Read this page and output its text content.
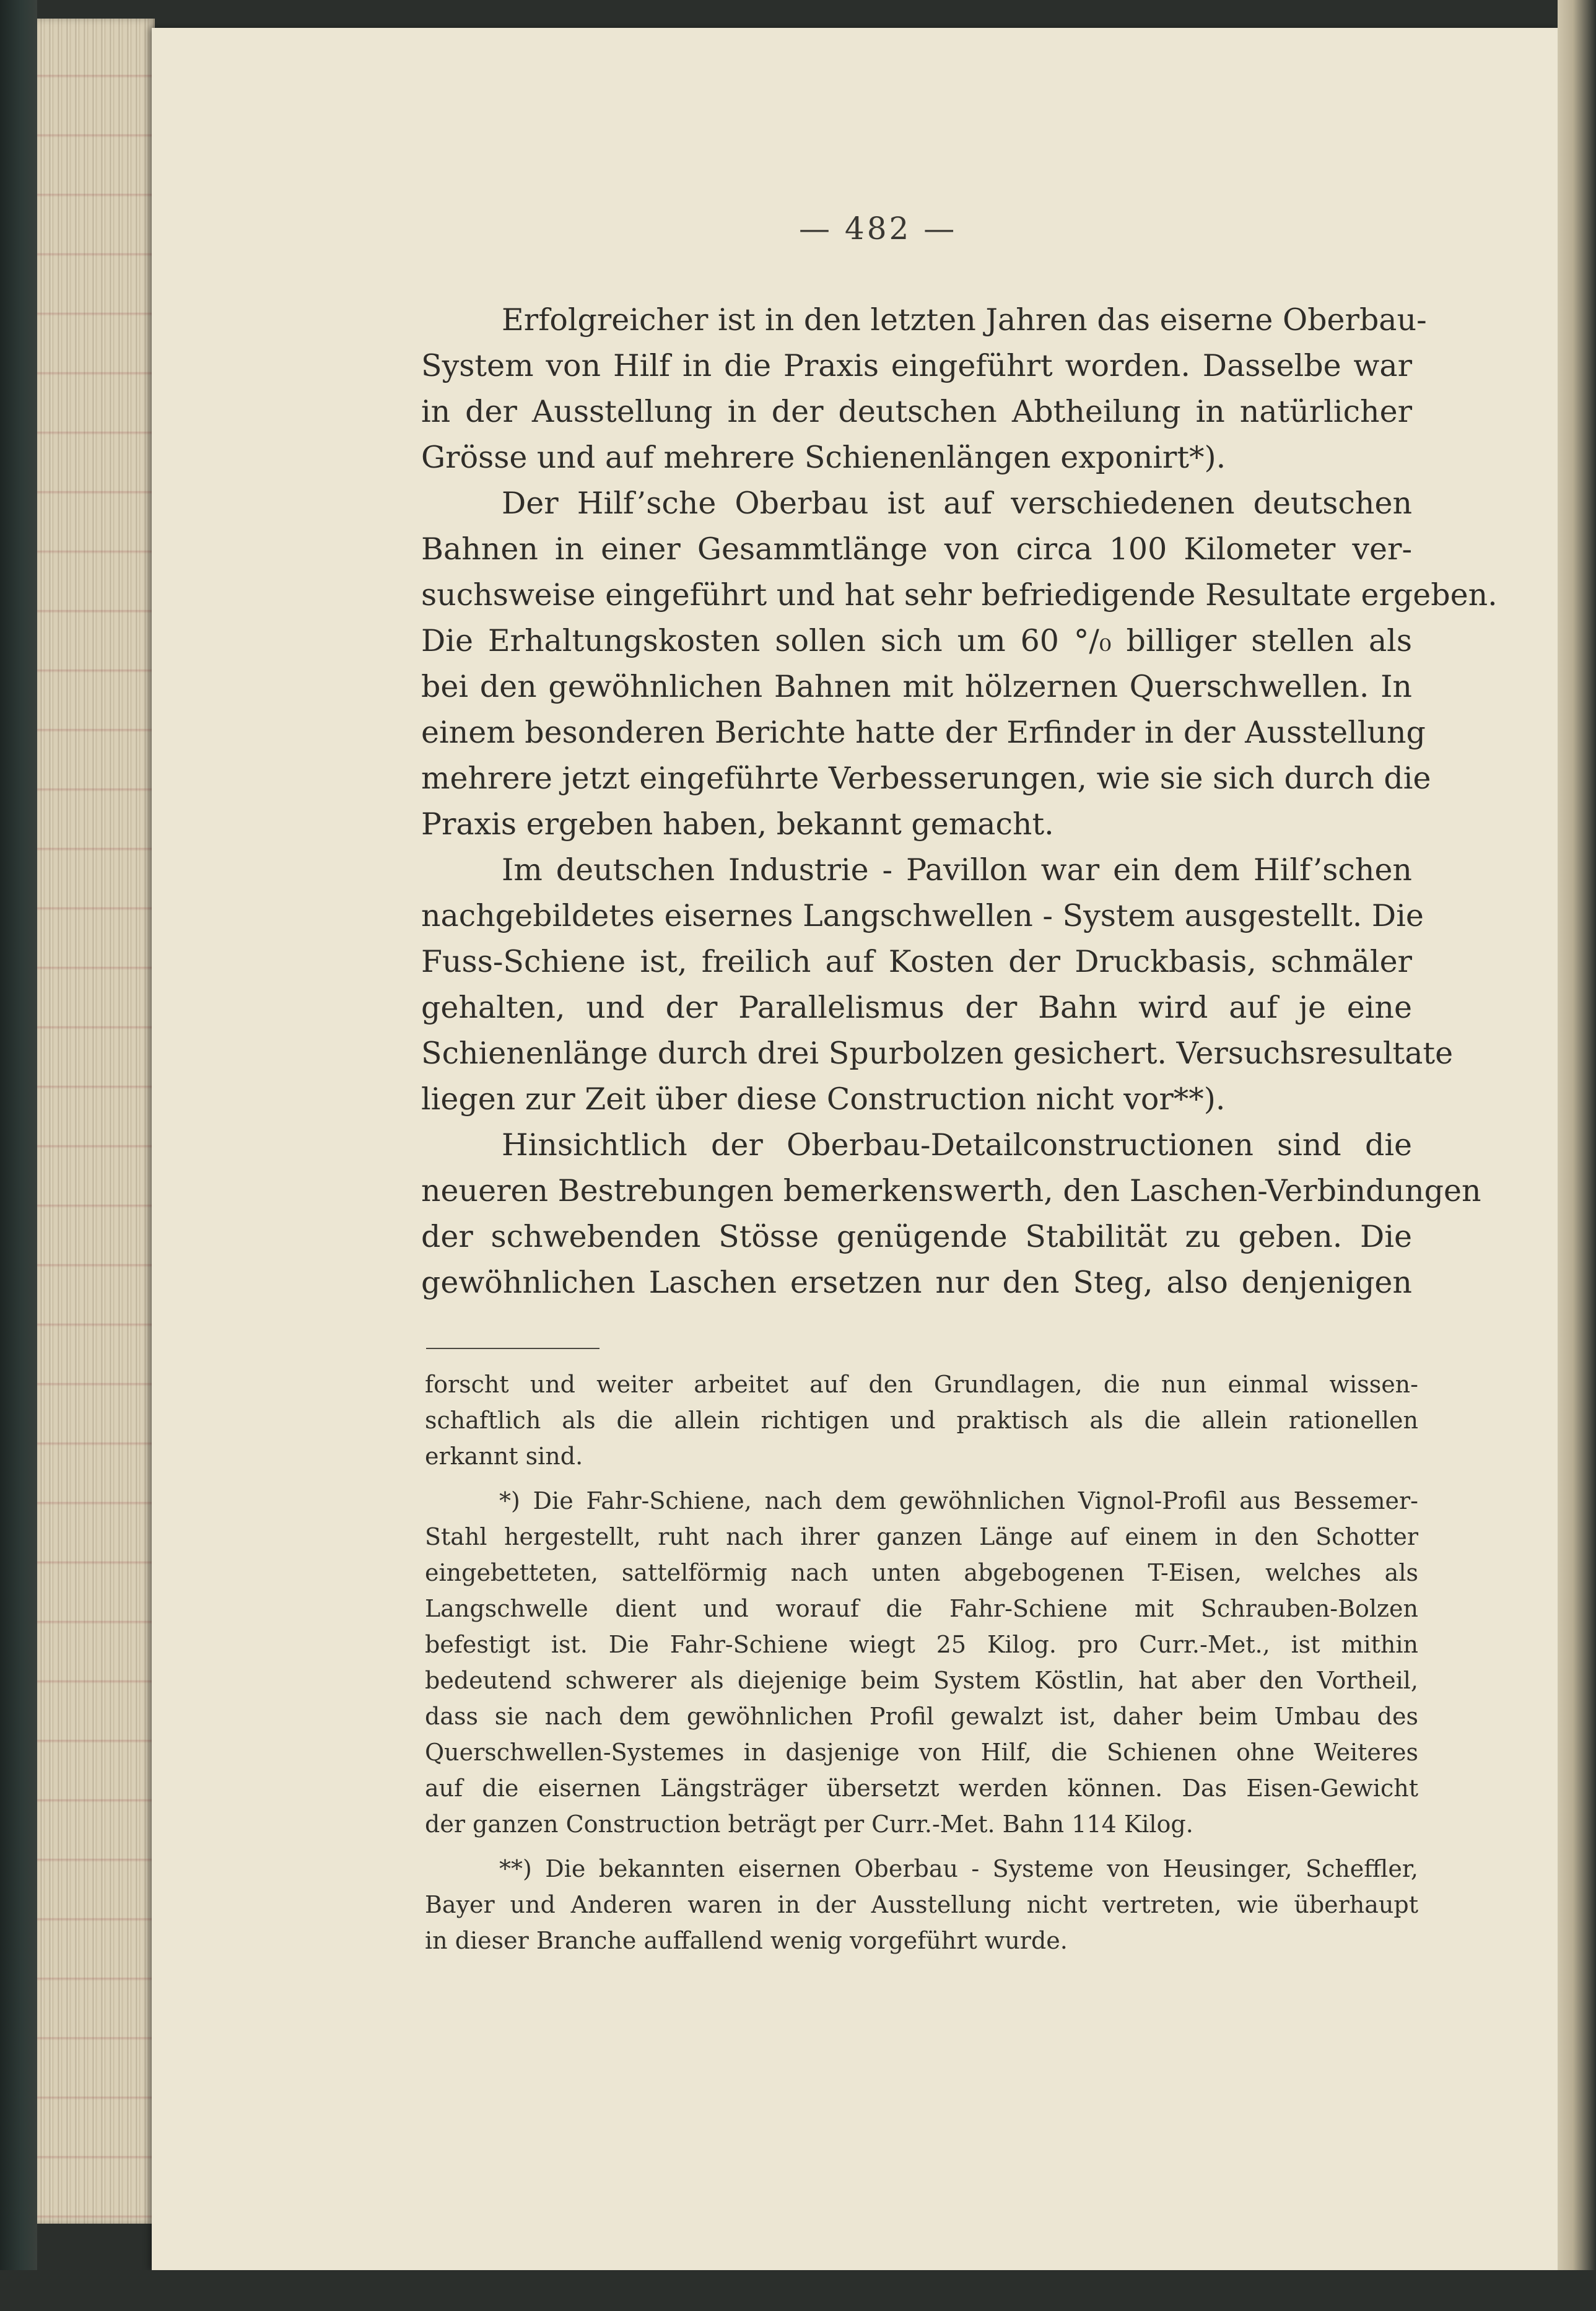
— 482 —
Erfolgreicher ist in den letzten Jahren das eiserne Oberbau-
System von Hilf in die Praxis eingeführt worden. Dasselbe war
in der Ausstellung in der deutschen Abtheilung in natürlicher
Grösse und auf mehrere Schienenlängen exponirt*).
Der Hilf’sche Oberbau ist auf verschiedenen deutschen
Bahnen in einer Gesammtlänge von circa 100 Kilometer ver-
suchsweise eingeführt und hat sehr befriedigende Resultate ergeben.
Die Erhaltungskosten sollen sich um 60 °/₀ billiger stellen als
bei den gewöhnlichen Bahnen mit hölzernen Querschwellen. In
einem besonderen Berichte hatte der Erfinder in der Ausstellung
mehrere jetzt eingeführte Verbesserungen, wie sie sich durch die
Praxis ergeben haben, bekannt gemacht.
Im deutschen Industrie - Pavillon war ein dem Hilf’schen
nachgebildetes eisernes Langschwellen - System ausgestellt. Die
Fuss-Schiene ist, freilich auf Kosten der Druckbasis, schmäler
gehalten, und der Parallelismus der Bahn wird auf je eine
Schienenlänge durch drei Spurbolzen gesichert. Versuchsresultate
liegen zur Zeit über diese Construction nicht vor**).
Hinsichtlich der Oberbau-Detailconstructionen sind die
neueren Bestrebungen bemerkenswerth, den Laschen-Verbindungen
der schwebenden Stösse genügende Stabilität zu geben. Die
gewöhnlichen Laschen ersetzen nur den Steg, also denjenigen
forscht und weiter arbeitet auf den Grundlagen, die nun einmal wissen-
schaftlich als die allein richtigen und praktisch als die allein rationellen
erkannt sind.
*) Die Fahr-Schiene, nach dem gewöhnlichen Vignol-Profil aus Bessemer-
Stahl hergestellt, ruht nach ihrer ganzen Länge auf einem in den Schotter
eingebetteten, sattelförmig nach unten abgebogenen T-Eisen, welches als
Langschwelle dient und worauf die Fahr-Schiene mit Schrauben-Bolzen
befestigt ist. Die Fahr-Schiene wiegt 25 Kilog. pro Curr.-Met., ist mithin
bedeutend schwerer als diejenige beim System Köstlin, hat aber den Vortheil,
dass sie nach dem gewöhnlichen Profil gewalzt ist, daher beim Umbau des
Querschwellen-Systemes in dasjenige von Hilf, die Schienen ohne Weiteres
auf die eisernen Längsträger übersetzt werden können. Das Eisen-Gewicht
der ganzen Construction beträgt per Curr.-Met. Bahn 114 Kilog.
**) Die bekannten eisernen Oberbau - Systeme von Heusinger, Scheffler,
Bayer und Anderen waren in der Ausstellung nicht vertreten, wie überhaupt
in dieser Branche auffallend wenig vorgeführt wurde.
